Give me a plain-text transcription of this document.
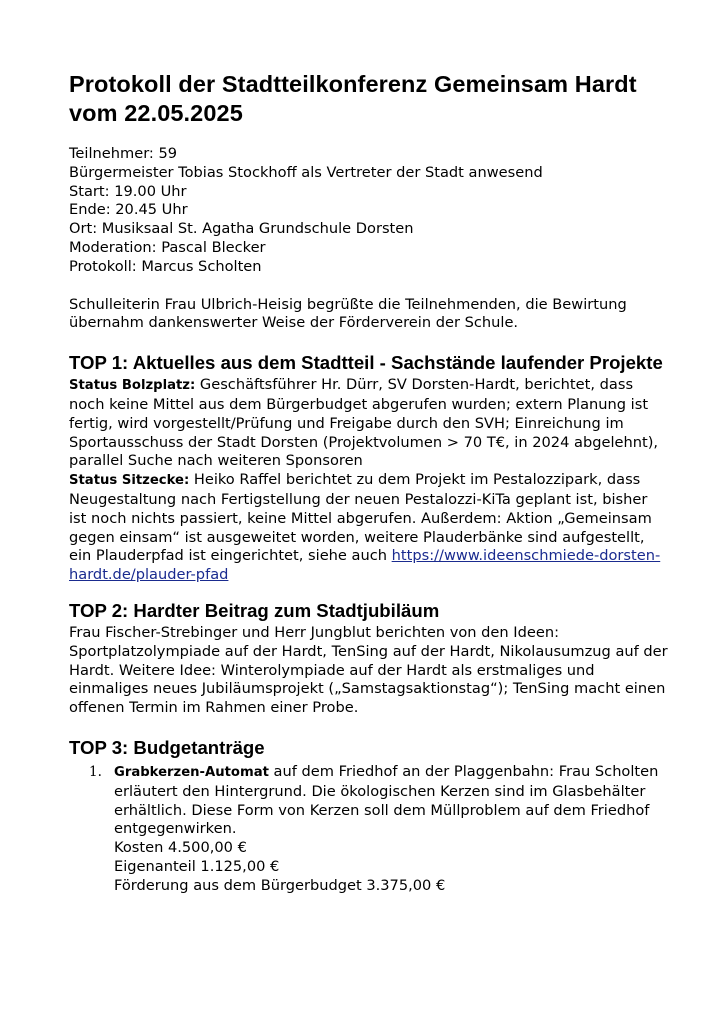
Protokoll der Stadtteilkonferenz Gemeinsam Hardt vom 22.05.2025
Teilnehmer: 59
Bürgermeister Tobias Stockhoff als Vertreter der Stadt anwesend
Start: 19.00 Uhr
Ende: 20.45 Uhr
Ort: Musiksaal St. Agatha Grundschule Dorsten
Moderation: Pascal Blecker
Protokoll: Marcus Scholten

Schulleiterin Frau Ulbrich-Heisig begrüßte die Teilnehmenden, die Bewirtung übernahm dankenswerter Weise der Förderverein der Schule.

TOP 1: Aktuelles aus dem Stadtteil - Sachstände laufender Projekte

Status Bolzplatz: Geschäftsführer Hr. Dürr, SV Dorsten-Hardt, berichtet, dass noch keine Mittel aus dem Bürgerbudget abgerufen wurden; extern Planung ist fertig, wird vorgestellt/Prüfung und Freigabe durch den SVH; Einreichung im Sportausschuss der Stadt Dorsten (Projektvolumen > 70 T€, in 2024 abgelehnt), parallel Suche nach weiteren Sponsoren

Status Sitzecke: Heiko Raffel berichtet zu dem Projekt im Pestalozzipark, dass Neugestaltung nach Fertigstellung der neuen Pestalozzi-KiTa geplant ist, bisher ist noch nichts passiert, keine Mittel abgerufen. Außerdem: Aktion „Gemeinsam gegen einsam“ ist ausgeweitet worden, weitere Plauderbänke sind aufgestellt, ein Plauderpfad ist eingerichtet, siehe auch https://www.ideenschmiede-dorsten-hardt.de/plauder-pfad

TOP 2: Hardter Beitrag zum Stadtjubiläum

Frau Fischer-Strebinger und Herr Jungblut berichten von den Ideen: Sportplatzolympiade auf der Hardt, TenSing auf der Hardt, Nikolausumzug auf der Hardt. Weitere Idee: Winterolympiade auf der Hardt als erstmaliges und einmaliges neues Jubiläumsprojekt („Samstagsaktionstag“); TenSing macht einen offenen Termin im Rahmen einer Probe.

TOP 3: Budgetanträge
1. Grabkerzen-Automat auf dem Friedhof an der Plaggenbahn: Frau Scholten erläutert den Hintergrund. Die ökologischen Kerzen sind im Glasbehälter erhältlich. Diese Form von Kerzen soll dem Müllproblem auf dem Friedhof entgegenwirken.
Kosten 4.500,00 €
Eigenanteil 1.125,00 €
Förderung aus dem Bürgerbudget 3.375,00 €
